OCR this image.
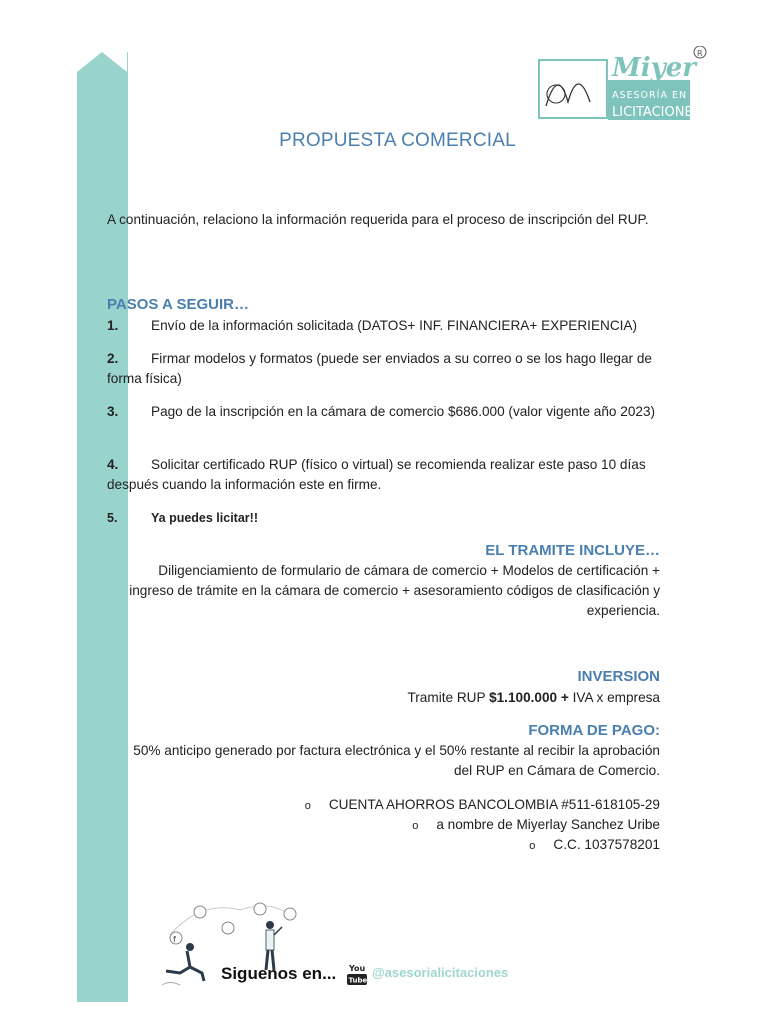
Miyer
ASESORÍA EN
LICITACIONES
R
PROPUESTA COMERCIAL
A continuación, relaciono la información requerida para el proceso de inscripción del RUP.
PASOS A SEGUIR…
1. Envío de la información solicitada (DATOS+ INF. FINANCIERA+ EXPERIENCIA)
2. Firmar modelos y formatos (puede ser enviados a su correo o se los hago llegar de forma física)
3. Pago de la inscripción en la cámara de comercio $686.000 (valor vigente año 2023)
4. Solicitar certificado RUP (físico o virtual) se recomienda realizar este paso 10 días después cuando la información este en firme.
5.	Ya puedes licitar!!
EL TRAMITE INCLUYE…
Diligenciamiento de formulario de cámara de comercio + Modelos de certificación + ingreso de trámite en la cámara de comercio + asesoramiento códigos de clasificación y experiencia.
INVERSION
Tramite RUP $1.100.000 + IVA x empresa
FORMA DE PAGO:
50% anticipo generado por factura electrónica y el 50% restante al recibir la aprobación del RUP en Cámara de Comercio.
o CUENTA AHORROS BANCOLOMBIA #511-618105-29
o a nombre de Miyerlay Sanchez Uribe
o C.C. 1037578201
f
Siguenos en... You
Tube
@asesorialicitaciones
